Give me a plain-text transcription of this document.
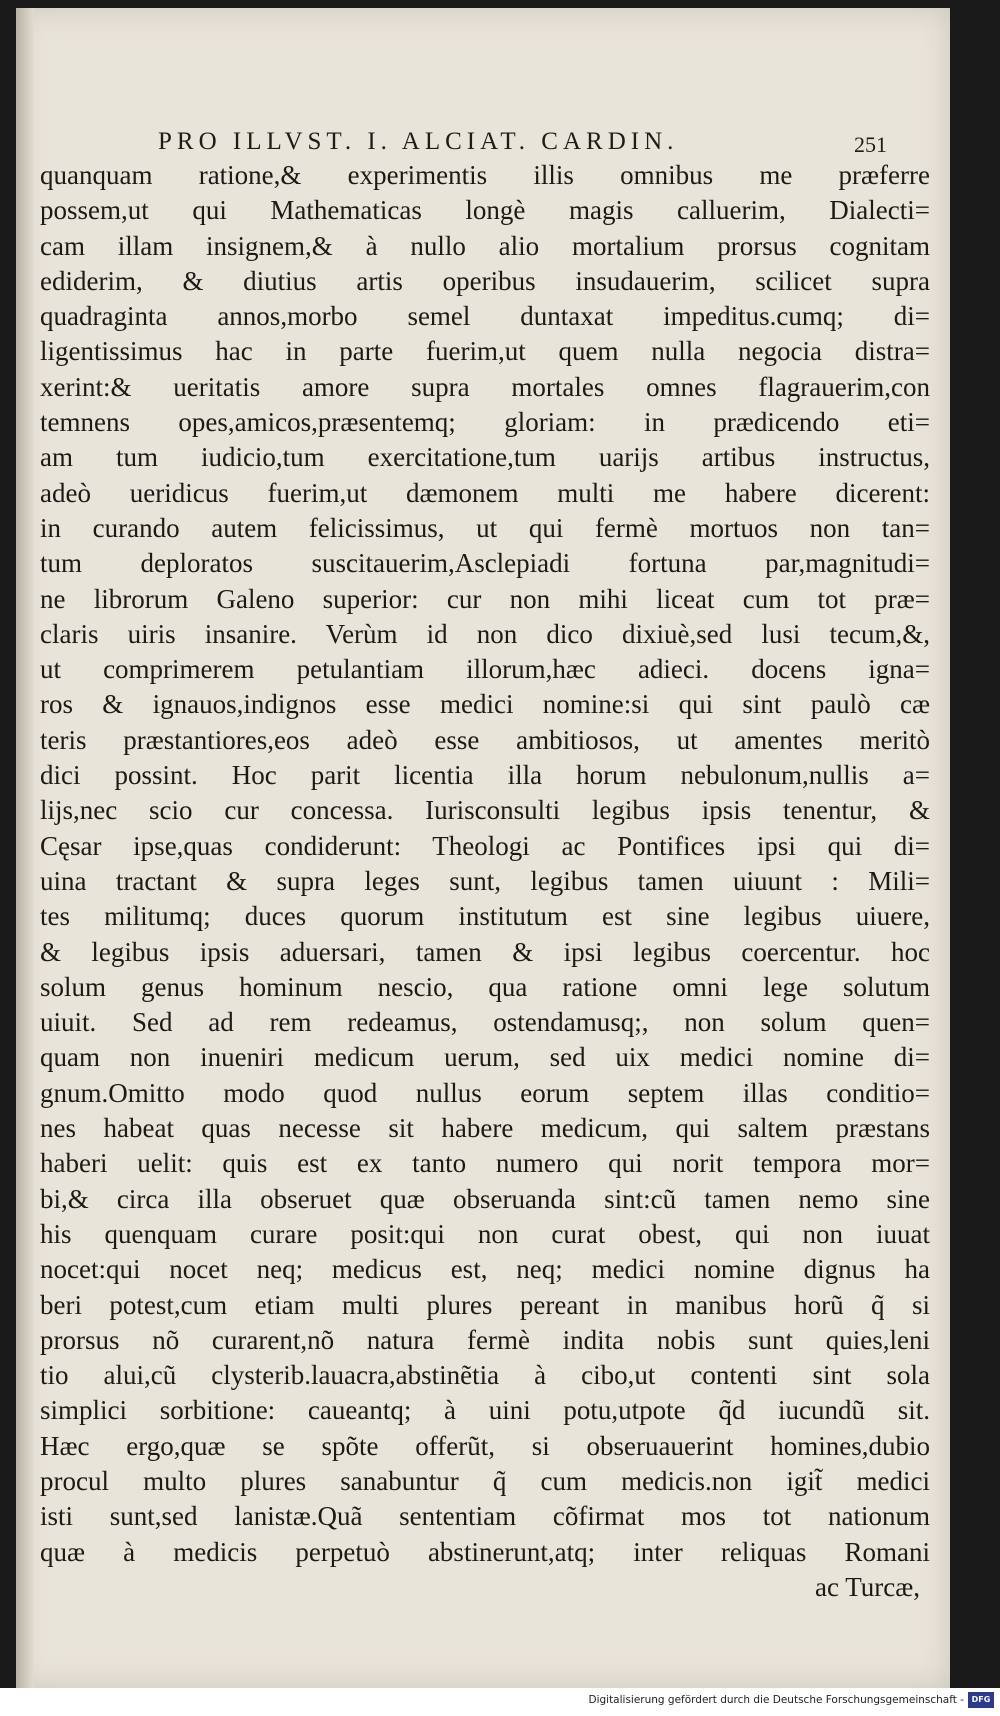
PRO ILLVST. I. ALCIAT. CARDIN.	251
quanquam ratione,& experimentis illis omnibus me præferre
possem,ut qui Mathematicas longè magis calluerim, Dialecti=
cam illam insignem,& à nullo alio mortalium prorsus cognitam
ediderim, & diutius artis operibus insudauerim, scilicet supra
quadraginta annos,morbo semel duntaxat impeditus.cumq; di=
ligentissimus hac in parte fuerim,ut quem nulla negocia distra=
xerint:& ueritatis amore supra mortales omnes flagrauerim,con
temnens opes,amicos,præsentemq; gloriam: in prædicendo eti=
am tum iudicio,tum exercitatione,tum uarijs artibus instructus,
adeò ueridicus fuerim,ut dæmonem multi me habere dicerent:
in curando autem felicissimus, ut qui fermè mortuos non tan=
tum deploratos suscitauerim,Asclepiadi fortuna par,magnitudi=
ne librorum Galeno superior: cur non mihi liceat cum tot præ=
claris uiris insanire. Verùm id non dico dixiuè,sed lusi tecum,&,
ut comprimerem petulantiam illorum,hæc adieci. docens igna=
ros & ignauos,indignos esse medici nomine:si qui sint paulò cæ
teris præstantiores,eos adeò esse ambitiosos, ut amentes meritò
dici possint. Hoc parit licentia illa horum nebulonum,nullis a=
lijs,nec scio cur concessa. Iurisconsulti legibus ipsis tenentur, &
Cęsar ipse,quas condiderunt: Theologi ac Pontifices ipsi qui di=
uina tractant & supra leges sunt, legibus tamen uiuunt : Mili=
tes militumq; duces quorum institutum est sine legibus uiuere,
& legibus ipsis aduersari, tamen & ipsi legibus coercentur. hoc
solum genus hominum nescio, qua ratione omni lege solutum
uiuit. Sed ad rem redeamus, ostendamusq;, non solum quen=
quam non inueniri medicum uerum, sed uix medici nomine di=
gnum.Omitto modo quod nullus eorum septem illas conditio=
nes habeat quas necesse sit habere medicum, qui saltem præstans
haberi uelit: quis est ex tanto numero qui norit tempora mor=
bi,& circa illa obseruet quæ obseruanda sint:cũ tamen nemo sine
his quenquam curare posit:qui non curat obest, qui non iuuat
nocet:qui nocet neq; medicus est, neq; medici nomine dignus ha
beri potest,cum etiam multi plures pereant in manibus horũ q̃ si
prorsus nõ curarent,nõ natura fermè indita nobis sunt quies,leni
tio alui,cũ clysterib.lauacra,abstinẽtia à cibo,ut contenti sint sola
simplici sorbitione: caueantq; à uini potu,utpote q̃d iucundũ sit.
Hæc ergo,quæ se spõte offerũt, si obseruauerint homines,dubio
procul multo plures sanabuntur q̃ cum medicis.non igit̃ medici
isti sunt,sed lanistæ.Quã sententiam cõfirmat mos tot nationum
quæ à medicis perpetuò abstinerunt,atq; inter reliquas Romani
ac Turcæ,
Digitalisierung gefördert durch die Deutsche Forschungsgemeinschaft - DFG
